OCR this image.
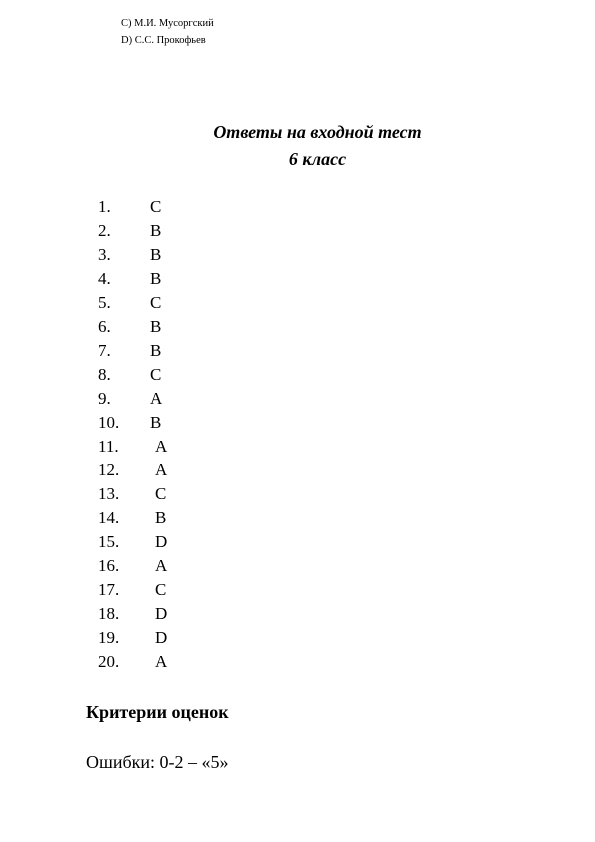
C) М.И. Мусоргский
D) С.С. Прокофьев
Ответы на входной тест
6 класс
1.	C
2.	B
3.	B
4.	B
5.	C
6.	B
7.	B
8.	C
9.	A
10.	B
11.	A
12.	A
13.	C
14.	B
15.	D
16.	A
17.	C
18.	D
19.	D
20.	A
Критерии оценок
Ошибки: 0-2 – «5»
